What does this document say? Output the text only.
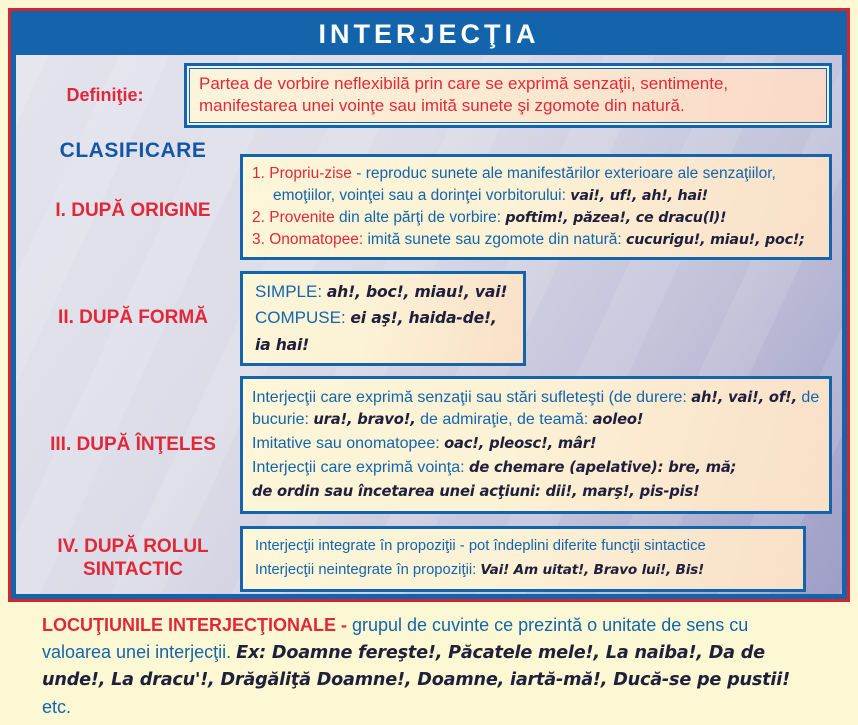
INTERJECŢIA
Definiţie:
Partea de vorbire neflexibilă prin care se exprimă senzaţii, sentimente, manifestarea unei voinţe sau imită sunete şi zgomote din natură.
CLASIFICARE
I. DUPĂ ORIGINE
1. Propriu-zise - reproduc sunete ale manifestărilor exterioare ale senzaţiilor, emoţiilor, voinţei sau a dorinţei vorbitorului: vai!, uf!, ah!, hai!
2. Provenite din alte părţi de vorbire: poftim!, păzea!, ce dracu(l)!
3. Onomatopee: imită sunete sau zgomote din natură: cucurigu!, miau!, poc!;
II. DUPĂ FORMĂ
SIMPLE: ah!, boc!, miau!, vai!
COMPUSE: ei aş!, haida-de!, ia hai!
III. DUPĂ ÎNŢELES
Interjecţii care exprimă senzaţii sau stări sufleteşti (de durere: ah!, vai!, of!, de bucurie: ura!, bravo!, de admiraţie, de teamă: aoleo!
Imitative sau onomatopee: oac!, pleosc!, mâr!
Interjecţii care exprimă voinţa: de chemare (apelative): bre, mă;
de ordin sau încetarea unei acţiuni: dii!, marş!, pis-pis!
IV. DUPĂ ROLUL
SINTACTIC
Interjecţii integrate în propoziţii - pot îndeplini diferite funcţii sintactice
Interjecţii neintegrate în propoziţii: Vai! Am uitat!, Bravo lui!, Bis!
LOCUŢIUNILE INTERJECŢIONALE - grupul de cuvinte ce prezintă o unitate de sens cu valoarea unei interjecţii. Ex: Doamne fereşte!, Păcatele mele!, La naiba!, Da de unde!, La dracu'!, Drăgăliţă Doamne!, Doamne, iartă-mă!, Ducă-se pe pustii! etc.
